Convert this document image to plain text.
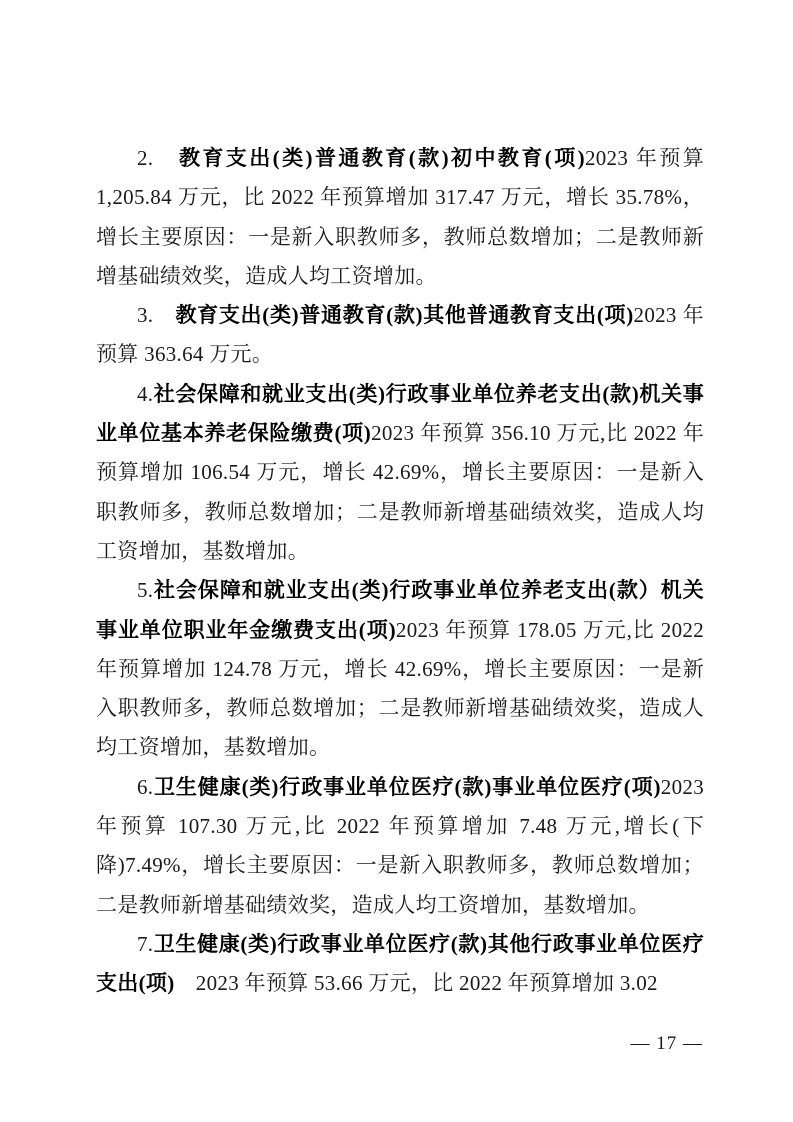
2.　教育支出(类)普通教育(款)初中教育(项)2023 年预算 1,205.84 万元，比 2022 年预算增加 317.47 万元，增长 35.78%，增长主要原因：一是新入职教师多，教师总数增加；二是教师新增基础绩效奖，造成人均工资增加。

3.　教育支出(类)普通教育(款)其他普通教育支出(项)2023 年预算 363.64 万元。

4.社会保障和就业支出(类)行政事业单位养老支出(款)机关事业单位基本养老保险缴费(项)2023 年预算 356.10 万元,比 2022 年预算增加 106.54 万元，增长 42.69%，增长主要原因：一是新入职教师多，教师总数增加；二是教师新增基础绩效奖，造成人均工资增加，基数增加。

5.社会保障和就业支出(类)行政事业单位养老支出(款）机关事业单位职业年金缴费支出(项)2023 年预算 178.05 万元,比 2022 年预算增加 124.78 万元，增长 42.69%，增长主要原因：一是新入职教师多，教师总数增加；二是教师新增基础绩效奖，造成人均工资增加，基数增加。

6.卫生健康(类)行政事业单位医疗(款)事业单位医疗(项)2023 年预算 107.30 万元,比 2022 年预算增加 7.48 万元,增长(下降)7.49%，增长主要原因：一是新入职教师多，教师总数增加；二是教师新增基础绩效奖，造成人均工资增加，基数增加。

7.卫生健康(类)行政事业单位医疗(款)其他行政事业单位医疗支出(项)　2023 年预算 53.66 万元，比 2022 年预算增加 3.02

— 17 —
